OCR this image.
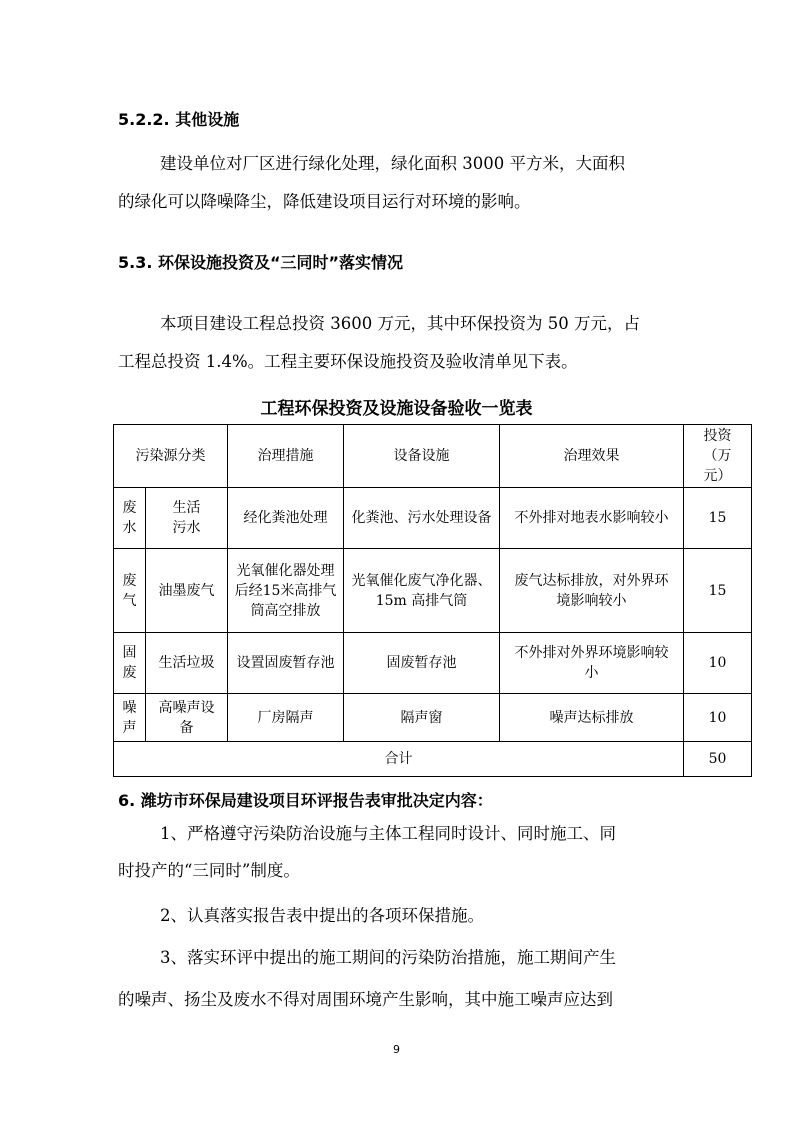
5.2.2. 其他设施
建设单位对厂区进行绿化处理，绿化面积 3000 平方米，大面积
的绿化可以降噪降尘，降低建设项目运行对环境的影响。
5.3. 环保设施投资及“三同时”落实情况
本项目建设工程总投资 3600 万元，其中环保投资为 50 万元，占
工程总投资 1.4%。工程主要环保设施投资及验收清单见下表。
工程环保投资及设施设备验收一览表
污染源分类		治理措施	设备设施	治理效果	投资（万元）
废水	生活污水	经化粪池处理	化粪池、污水处理设备	不外排对地表水影响较小	15
废气	油墨废气	光氧催化器处理后经15米高排气筒高空排放	光氧催化废气净化器、15m 高排气筒	废气达标排放，对外界环境影响较小	15
固废	生活垃圾	设置固废暂存池	固废暂存池	不外排对外界环境影响较小	10
噪声	高噪声设备	厂房隔声	隔声窗	噪声达标排放	10
合计					50
6. 潍坊市环保局建设项目环评报告表审批决定内容：
1、严格遵守污染防治设施与主体工程同时设计、同时施工、同
时投产的“三同时”制度。
2、认真落实报告表中提出的各项环保措施。
3、落实环评中提出的施工期间的污染防治措施，施工期间产生
的噪声、扬尘及废水不得对周围环境产生影响，其中施工噪声应达到
9
